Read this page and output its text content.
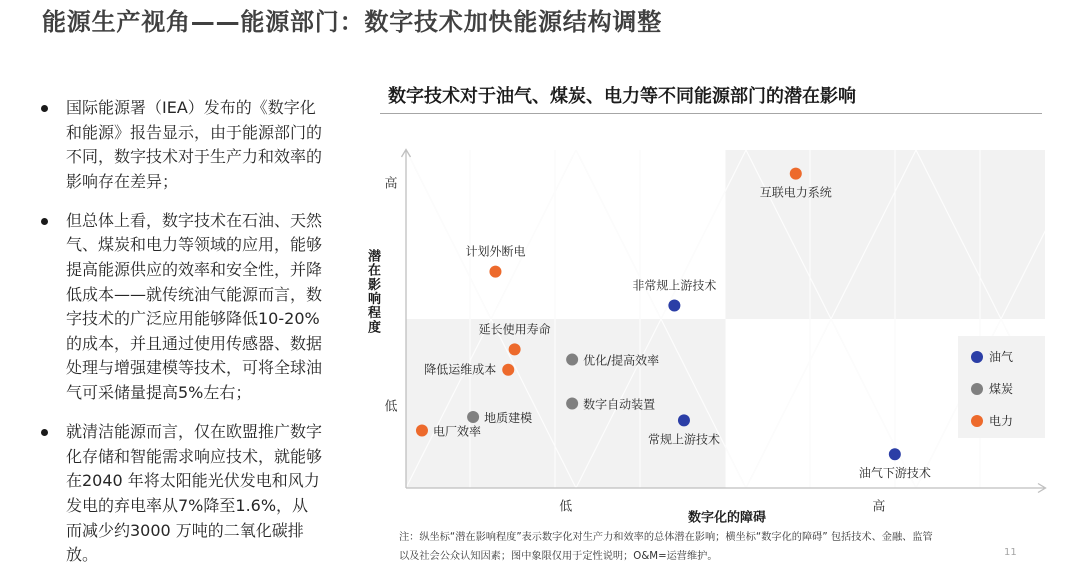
能源生产视角——能源部门：数字技术加快能源结构调整
国际能源署（IEA）发布的《数字化和能源》报告显示，由于能源部门的不同，数字技术对于生产力和效率的影响存在差异；
但总体上看，数字技术在石油、天然气、煤炭和电力等领域的应用，能够提高能源供应的效率和安全性，并降低成本——就传统油气能源而言，数字技术的广泛应用能够降低10-20%的成本，并且通过使用传感器、数据处理与增强建模等技术，可将全球油气可采储量提高5%左右；
就清洁能源而言，仅在欧盟推广数字化存储和智能需求响应技术，就能够在2040 年将太阳能光伏发电和风力发电的弃电率从7%降至1.6%，从而减少约3000 万吨的二氧化碳排放。
数字技术对于油气、煤炭、电力等不同能源部门的潜在影响
低	高
高
低
非常规上游技术
常规上游技术
油气下游技术
优化/提高效率
数字自动装置
地质建模
互联电力系统
计划外断电
延长使用寿命
降低运维成本
电厂效率
数字化的障碍
潜在影响程度
油气
煤炭
电力
注：纵坐标“潜在影响程度”表示数字化对生产力和效率的总体潜在影响；横坐标“数字化的障碍” 包括技术、金融、监管以及社会公众认知因素；图中象限仅用于定性说明；O&M=运营维护。	11
